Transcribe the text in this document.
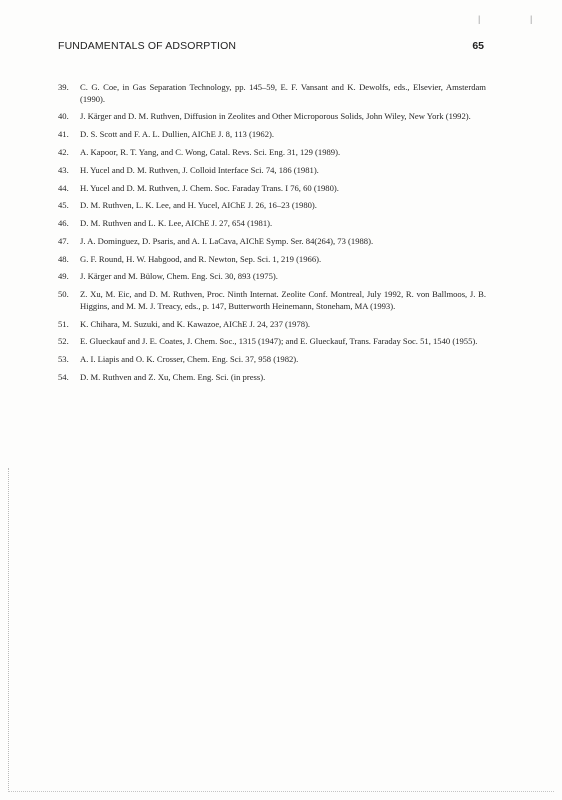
|	|
FUNDAMENTALS OF ADSORPTION	65
39.	C. G. Coe, in Gas Separation Technology, pp. 145–59, E. F. Vansant and K. Dewolfs, eds., Elsevier, Amsterdam (1990).
40.	J. Kärger and D. M. Ruthven, Diffusion in Zeolites and Other Microporous Solids, John Wiley, New York (1992).
41.	D. S. Scott and F. A. L. Dullien, AIChE J. 8, 113 (1962).
42.	A. Kapoor, R. T. Yang, and C. Wong, Catal. Revs. Sci. Eng. 31, 129 (1989).
43.	H. Yucel and D. M. Ruthven, J. Colloid Interface Sci. 74, 186 (1981).
44.	H. Yucel and D. M. Ruthven, J. Chem. Soc. Faraday Trans. I 76, 60 (1980).
45.	D. M. Ruthven, L. K. Lee, and H. Yucel, AIChE J. 26, 16–23 (1980).
46.	D. M. Ruthven and L. K. Lee, AIChE J. 27, 654 (1981).
47.	J. A. Dominguez, D. Psaris, and A. I. LaCava, AIChE Symp. Ser. 84(264), 73 (1988).
48.	G. F. Round, H. W. Habgood, and R. Newton, Sep. Sci. 1, 219 (1966).
49.	J. Kärger and M. Bülow, Chem. Eng. Sci. 30, 893 (1975).
50.	Z. Xu, M. Eic, and D. M. Ruthven, Proc. Ninth Internat. Zeolite Conf. Montreal, July 1992, R. von Ballmoos, J. B. Higgins, and M. M. J. Treacy, eds., p. 147, Butterworth Heinemann, Stoneham, MA (1993).
51.	K. Chihara, M. Suzuki, and K. Kawazoe, AIChE J. 24, 237 (1978).
52.	E. Glueckauf and J. E. Coates, J. Chem. Soc., 1315 (1947); and E. Glueckauf, Trans. Faraday Soc. 51, 1540 (1955).
53.	A. I. Liapis and O. K. Crosser, Chem. Eng. Sci. 37, 958 (1982).
54.	D. M. Ruthven and Z. Xu, Chem. Eng. Sci. (in press).
